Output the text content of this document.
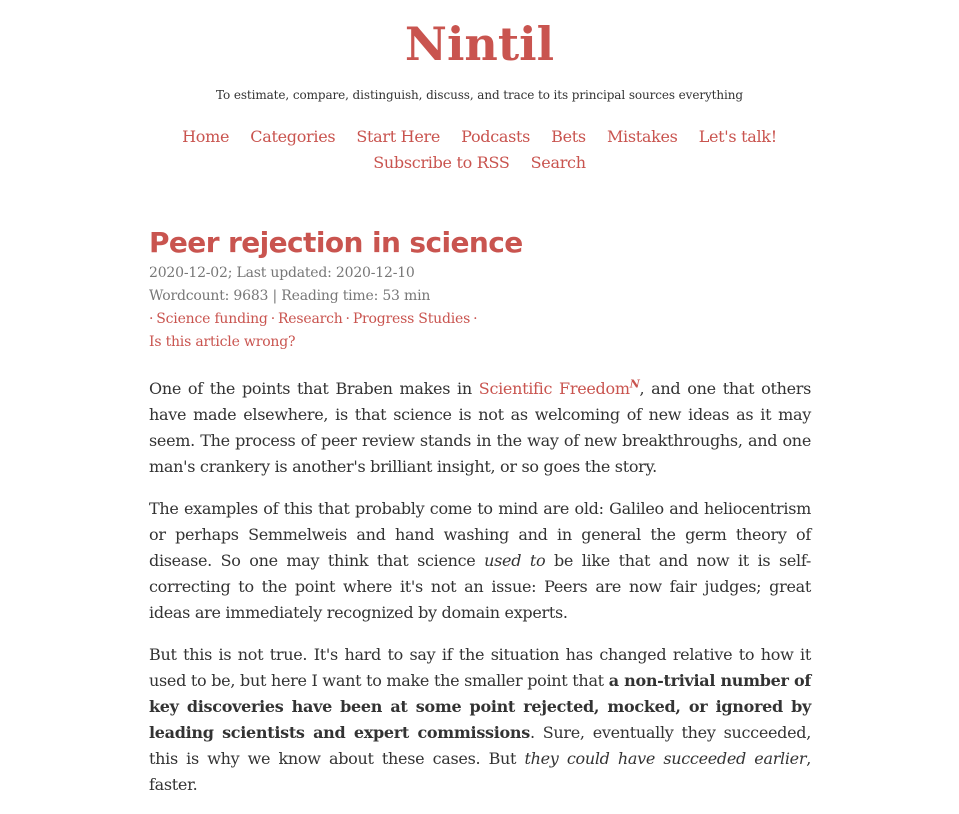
Nintil
To estimate, compare, distinguish, discuss, and trace to its principal sources everything
Home Categories Start Here Podcasts Bets Mistakes Let's talk!
Subscribe to RSS Search
Peer rejection in science
2020-12-02; Last updated: 2020-12-10
Wordcount: 9683 | Reading time: 53 min
· Science funding · Research · Progress Studies ·
Is this article wrong?

One of the points that Braben makes in Scientific Freedom$^N$, and one that others have made elsewhere, is that science is not as welcoming of new ideas as it may seem. The process of peer review stands in the way of new breakthroughs, and one man's crankery is another's brilliant insight, or so goes the story.

The examples of this that probably come to mind are old: Galileo and heliocentrism or perhaps Semmelweis and hand washing and in general the germ theory of disease. So one may think that science used to be like that and now it is self-correcting to the point where it's not an issue: Peers are now fair judges; great ideas are immediately recognized by domain experts.

But this is not true. It's hard to say if the situation has changed relative to how it used to be, but here I want to make the smaller point that a non-trivial number of key discoveries have been at some point rejected, mocked, or ignored by leading scientists and expert commissions. Sure, eventually they succeeded, this is why we know about these cases. But they could have succeeded earlier, faster.
